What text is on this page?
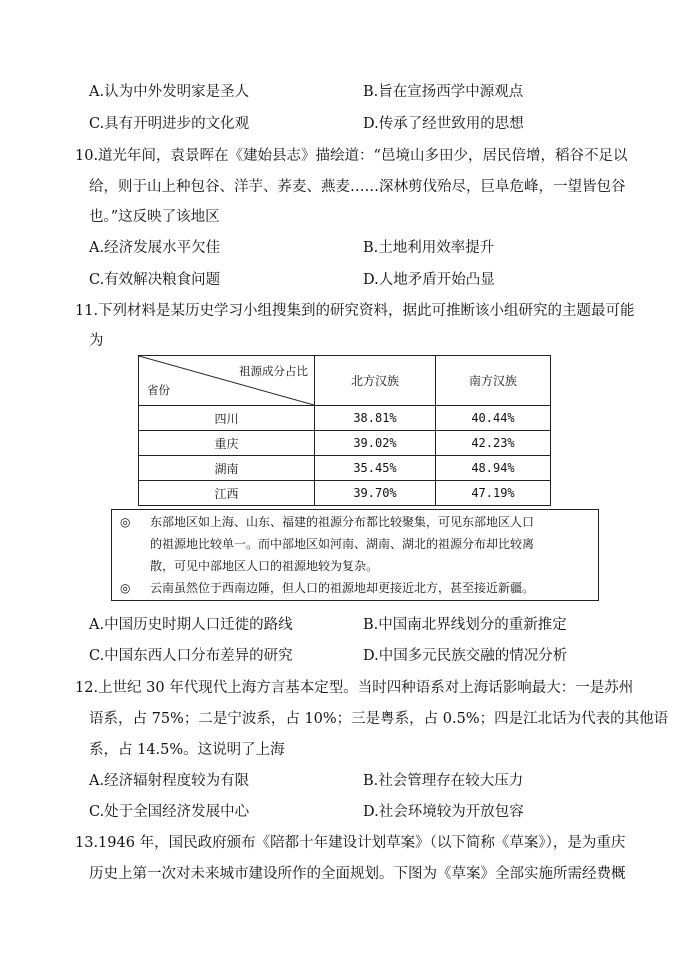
A.认为中外发明家是圣人	B.旨在宣扬西学中源观点
C.具有开明进步的文化观	D.传承了经世致用的思想
10.道光年间，袁景晖在《建始县志》描绘道：“邑境山多田少，居民倍增，稻谷不足以
给，则于山上种包谷、洋芋、荞麦、燕麦……深林剪伐殆尽，巨阜危峰，一望皆包谷
也。”这反映了该地区
A.经济发展水平欠佳	B.土地利用效率提升
C.有效解决粮食问题	D.人地矛盾开始凸显
11.下列材料是某历史学习小组搜集到的研究资料，据此可推断该小组研究的主题最可能
为
祖源成分占比
省份	北方汉族	南方汉族
四川	38.81%	40.44%
重庆	39.02%	42.23%
湖南	35.45%	48.94%
江西	39.70%	47.19%
◎ 东部地区如上海、山东、福建的祖源分布都比较聚集，可见东部地区人口
的祖源地比较单一。而中部地区如河南、湖南、湖北的祖源分布却比较离
散，可见中部地区人口的祖源地较为复杂。
◎ 云南虽然位于西南边陲，但人口的祖源地却更接近北方，甚至接近新疆。
A.中国历史时期人口迁徙的路线	B.中国南北界线划分的重新推定
C.中国东西人口分布差异的研究	D.中国多元民族交融的情况分析
12.上世纪 30 年代现代上海方言基本定型。当时四种语系对上海话影响最大：一是苏州
语系，占 75%；二是宁波系，占 10%；三是粤系，占 0.5%；四是江北话为代表的其他语
系，占 14.5%。这说明了上海
A.经济辐射程度较为有限	B.社会管理存在较大压力
C.处于全国经济发展中心	D.社会环境较为开放包容
13.1946 年，国民政府颁布《陪都十年建设计划草案》（以下简称《草案》），是为重庆
历史上第一次对未来城市建设所作的全面规划。下图为《草案》全部实施所需经费概
